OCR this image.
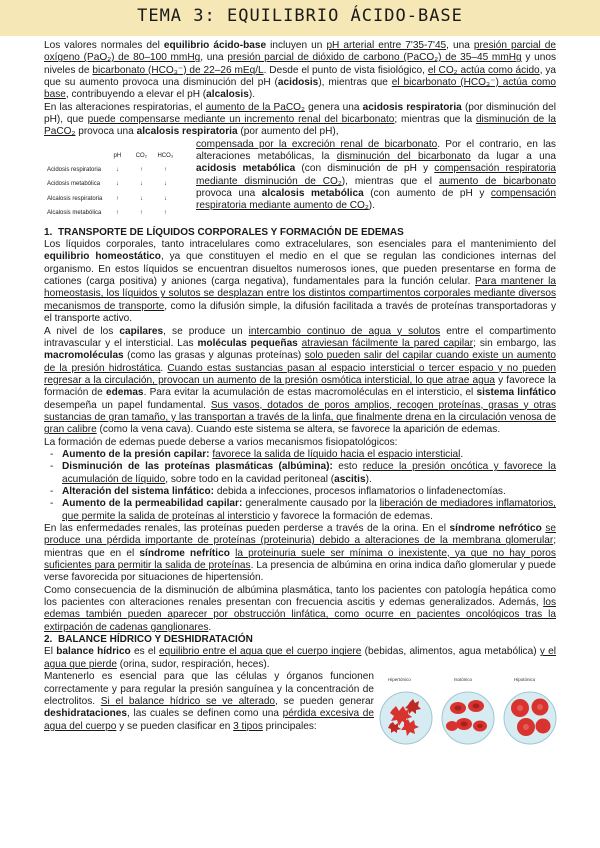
TEMA 3: EQUILIBRIO ÁCIDO-BASE

Los valores normales del equilibrio ácido-base incluyen un pH arterial entre 7'35-7'45, una presión parcial de oxígeno (PaO₂) de 80–100 mmHg, una presión parcial de dióxido de carbono (PaCO₂) de 35–45 mmHg y unos niveles de bicarbonato (HCO₃⁻) de 22–26 mEq/L. Desde el punto de vista fisiológico, el CO₂ actúa como ácido, ya que su aumento provoca una disminución del pH (acidosis), mientras que el bicarbonato (HCO₃⁻) actúa como base, contribuyendo a elevar el pH (alcalosis).

En las alteraciones respiratorias, el aumento de la PaCO₂ genera una acidosis respiratoria (por disminución del pH), que puede compensarse mediante un incremento renal del bicarbonato; mientras que la disminución de la PaCO₂ provoca una alcalosis respiratoria (por aumento del pH),

	pH	CO₂	HCO₃
Acidosis respiratoria	↓	↑	↑
Acidosis metabólica	↓	↓	↓
Alcalosis respiratoria	↑	↓	↓
Alcalosis metabólica	↑	↑	↑

compensada por la excreción renal de bicarbonato. Por el contrario, en las alteraciones metabólicas, la disminución del bicarbonato da lugar a una acidosis metabólica (con disminución de pH y compensación respiratoria mediante disminución de CO₂), mientras que el aumento de bicarbonato provoca una alcalosis metabólica (con aumento de pH y compensación respiratoria mediante aumento de CO₂).

1. TRANSPORTE DE LÍQUIDOS CORPORALES Y FORMACIÓN DE EDEMAS

Los líquidos corporales, tanto intracelulares como extracelulares, son esenciales para el mantenimiento del equilibrio homeostático, ya que constituyen el medio en el que se regulan las condiciones internas del organismo. En estos líquidos se encuentran disueltos numerosos iones, que pueden presentarse en forma de cationes (carga positiva) y aniones (carga negativa), fundamentales para la función celular. Para mantener la homeostasis, los líquidos y solutos se desplazan entre los distintos compartimentos corporales mediante diversos mecanismos de transporte, como la difusión simple, la difusión facilitada a través de proteínas transportadoras y el transporte activo.

A nivel de los capilares, se produce un intercambio continuo de agua y solutos entre el compartimento intravascular y el intersticial. Las moléculas pequeñas atraviesan fácilmente la pared capilar; sin embargo, las macromoléculas (como las grasas y algunas proteínas) solo pueden salir del capilar cuando existe un aumento de la presión hidrostática. Cuando estas sustancias pasan al espacio intersticial o tercer espacio y no pueden regresar a la circulación, provocan un aumento de la presión osmótica intersticial, lo que atrae agua y favorece la formación de edemas. Para evitar la acumulación de estas macromoléculas en el intersticio, el sistema linfático desempeña un papel fundamental. Sus vasos, dotados de poros amplios, recogen proteínas, grasas y otras sustancias de gran tamaño, y las transportan a través de la linfa, que finalmente drena en la circulación venosa de gran calibre (como la vena cava). Cuando este sistema se altera, se favorece la aparición de edemas.

La formación de edemas puede deberse a varios mecanismos fisiopatológicos:

- Aumento de la presión capilar: favorece la salida de líquido hacia el espacio intersticial.
- Disminución de las proteínas plasmáticas (albúmina): esto reduce la presión oncótica y favorece la acumulación de líquido, sobre todo en la cavidad peritoneal (ascitis).
- Alteración del sistema linfático: debida a infecciones, procesos inflamatorios o linfadenectomías.
- Aumento de la permeabilidad capilar: generalmente causado por la liberación de mediadores inflamatorios, que permite la salida de proteínas al intersticio y favorece la formación de edemas.

En las enfermedades renales, las proteínas pueden perderse a través de la orina. En el síndrome nefrótico se produce una pérdida importante de proteínas (proteinuria) debido a alteraciones de la membrana glomerular; mientras que en el síndrome nefrítico la proteinuria suele ser mínima o inexistente, ya que no hay poros suficientes para permitir la salida de proteínas. La presencia de albúmina en orina indica daño glomerular y puede verse favorecida por situaciones de hipertensión.

Como consecuencia de la disminución de albúmina plasmática, tanto los pacientes con patología hepática como los pacientes con alteraciones renales presentan con frecuencia ascitis y edemas generalizados. Además, los edemas también pueden aparecer por obstrucción linfática, como ocurre en pacientes oncológicos tras la extirpación de cadenas ganglionares.

2. BALANCE HÍDRICO Y DESHIDRATACIÓN

El balance hídrico es el equilibrio entre el agua que el cuerpo ingiere (bebidas, alimentos, agua metabólica) y el agua que pierde (orina, sudor, respiración, heces).

Mantenerlo es esencial para que las células y órganos funcionen correctamente y para regular la presión sanguínea y la concentración de electrolitos. Si el balance hídrico se ve alterado, se pueden generar deshidrataciones, las cuales se definen como una pérdida excesiva de agua del cuerpo y se pueden clasificar en 3 tipos principales:

Hipertónico	Isotónico	Hipotónico
